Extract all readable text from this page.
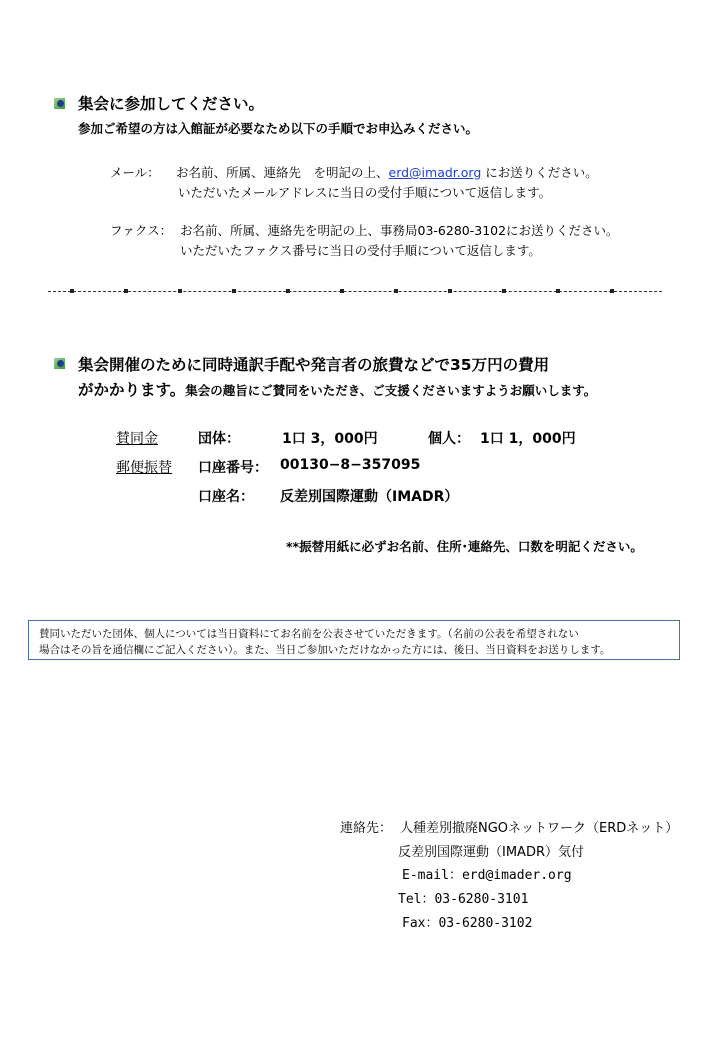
集会に参加してください。
参加ご希望の方は入館証が必要なため以下の手順でお申込みください。
メール： お名前、所属、連絡先　を明記の上、erd@imadr.org にお送りください。
いただいたメールアドレスに当日の受付手順について返信します。
ファクス： お名前、所属、連絡先を明記の上、事務局03-6280-3102にお送りください。
いただいたファクス番号に当日の受付手順について返信します。
集会開催のために同時通訳手配や発言者の旅費などで35万円の費用
がかかります。集会の趣旨にご賛同をいただき、ご支援くださいますようお願いします。
賛同金	団体：	1口 3，000円	個人： 1口 1，000円
郵便振替 口座番号： 00130−8−357095
口座名： 反差別国際運動（IMADR）
**振替用紙に必ずお名前、住所･連絡先、口数を明記ください。
賛同いただいた団体、個人については当日資料にてお名前を公表させていただきます。（名前の公表を希望されない
場合はその旨を通信欄にご記入ください）。また、当日ご参加いただけなかった方には、後日、当日資料をお送りします。
連絡先： 人種差別撤廃NGOネットワーク（ERDネット）
反差別国際運動（IMADR）気付
E-mail：erd@imader.org
Tel：03-6280-3101
Fax：03-6280-3102
